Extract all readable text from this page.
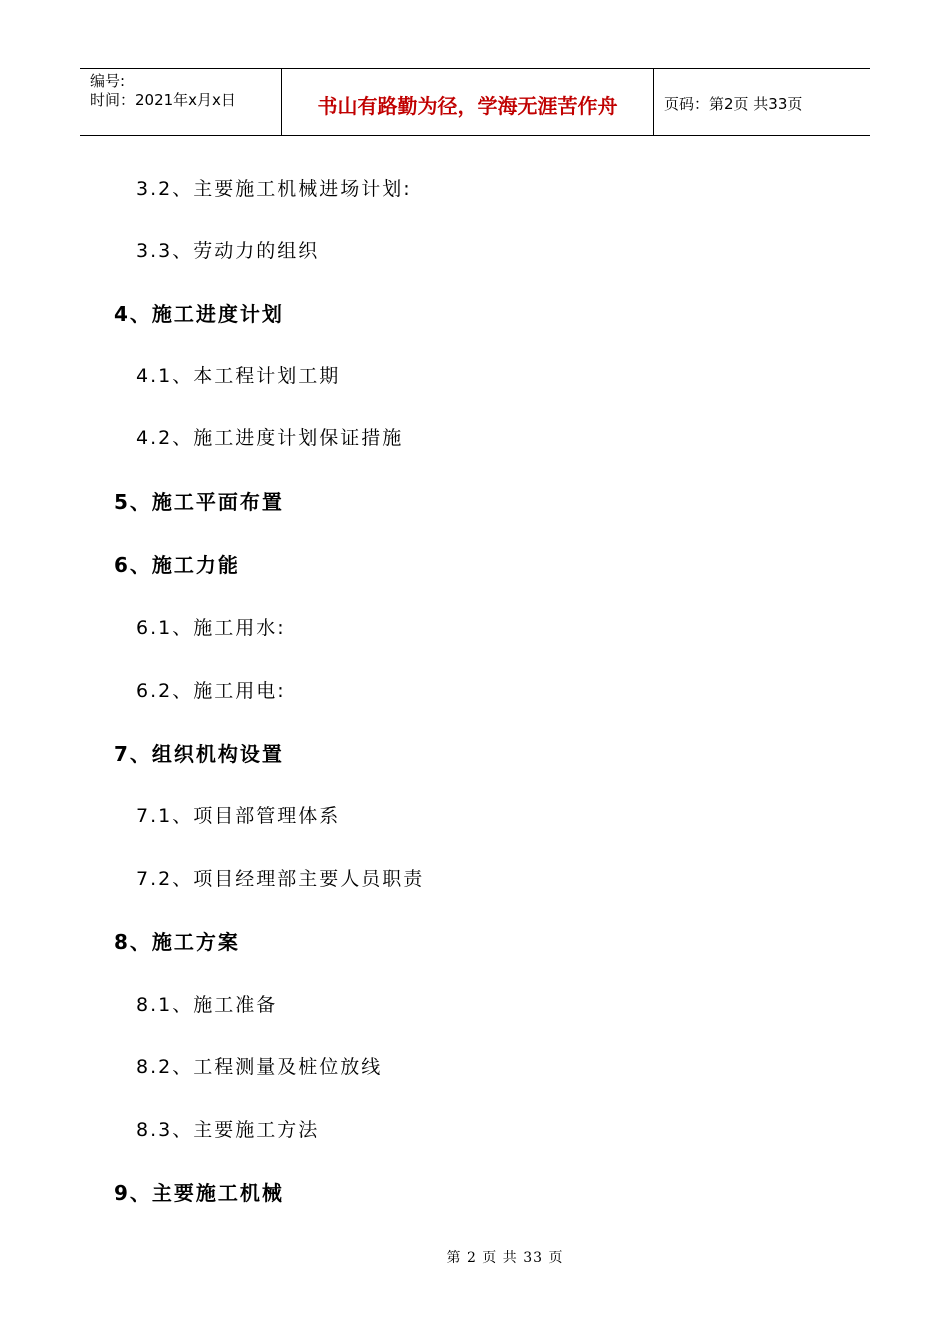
编号:
时间：2021年x月x日	书山有路勤为径，学海无涯苦作舟	页码：第2页 共33页
3.2、主要施工机械进场计划:
3.3、劳动力的组织
4、施工进度计划
4.1、本工程计划工期
4.2、施工进度计划保证措施
5、施工平面布置
6、施工力能
6.1、施工用水:
6.2、施工用电:
7、组织机构设置
7.1、项目部管理体系
7.2、项目经理部主要人员职责
8、施工方案
8.1、施工准备
8.2、工程测量及桩位放线
8.3、主要施工方法
9、主要施工机械
第 2 页 共 33 页
